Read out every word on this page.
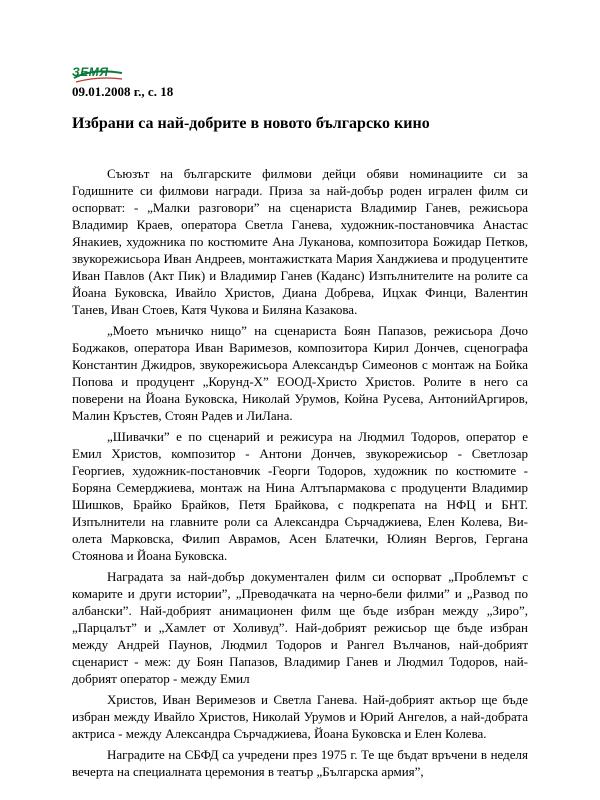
ЗЕМЯ
09.01.2008 г., с. 18
Избрани са най-добрите в новото българско кино

Съюзът на българските филмови дейци обяви номинациите си за Годишните си филмови награди. Приза за най-добър роден игрален филм си оспорват: - „Малки разговори” на сценариста Владимир Ганев, режисьора Владимир Краев, оператора Светла Ганева, художник-постановчика Анастас Янакиев, художника по костюмите Ана Луканова, композитора Божидар Петков, звукорежисьора Иван Андреев, монтажистката Мария Ханджиева и продуцентите Иван Павлов (Акт Пик) и Владимир Ганев (Каданс) Изпълнителите на ролите са Йоана Буковска, Ивайло Христов, Диана Добрева, Ицхак Финци, Валентин Танев, Иван Стоев, Катя Чукова и Биляна Казакова.

„Моето мъничко нищо” на сценариста Боян Папазов, режисьора Дочо Боджаков, оператора Иван Варимезов, композитора Кирил Дончев, сценографа Константин Джидров, звукорежисьора Александър Симеонов с монтаж на Бойка Попова и продуцент „Корунд-Х” ЕООД-Христо Христов. Ролите в него са поверени на Йоана Буковска, Николай Урумов, Койна Русева, АнтонийАргиров, Малин Кръстев, Стоян Радев и ЛиЛана.

„Шивачки” е по сценарий и режисура на Людмил Тодоров, оператор е Емил Христов, композитор - Антони Дончев, звукорежисьор - Светлозар Георгиев, художник-постановчик -Георги Тодоров, художник по костюмите - Боряна Семерджиева, монтаж на Нина Алтъпармакова с продуценти Владимир Шишков, Брайко Брайков, Петя Брайкова, с подкрепата на НФЦ и БНТ. Изпълнители на главните роли са Александра Сърчаджиева, Елен Колева, Ви-олета Марковска, Филип Аврамов, Асен Блатечки, Юлиян Вергов, Гергана Стоянова и Йоана Буковска.

Наградата за най-добър документален филм си оспорват „Проблемът с комарите и други истории”, „Преводачката на черно-бели филми” и „Развод по албански”. Най-добрият анимационен филм ще бъде избран между „Зиро”, „Парцалът” и „Хамлет от Холивуд”. Най-добрият режисьор ще бъде избран между Андрей Паунов, Людмил Тодоров и Рангел Вълчанов, най-добрият сценарист - меж: ду Боян Папазов, Владимир Ганев и Людмил Тодоров, най-добрият оператор - между Емил

Христов, Иван Веримезов и Светла Ганева. Най-добрият актьор ще бъде избран между Ивайло Христов, Николай Урумов и Юрий Ангелов, а най-добрата актриса - между Александра Сърчаджиева, Йоана Буковска и Елен Колева.

Наградите на СБФД са учредени през 1975 г. Те ще бъдат връчени в неделя вечерта на специалната церемония в театър „Българска армия”,
